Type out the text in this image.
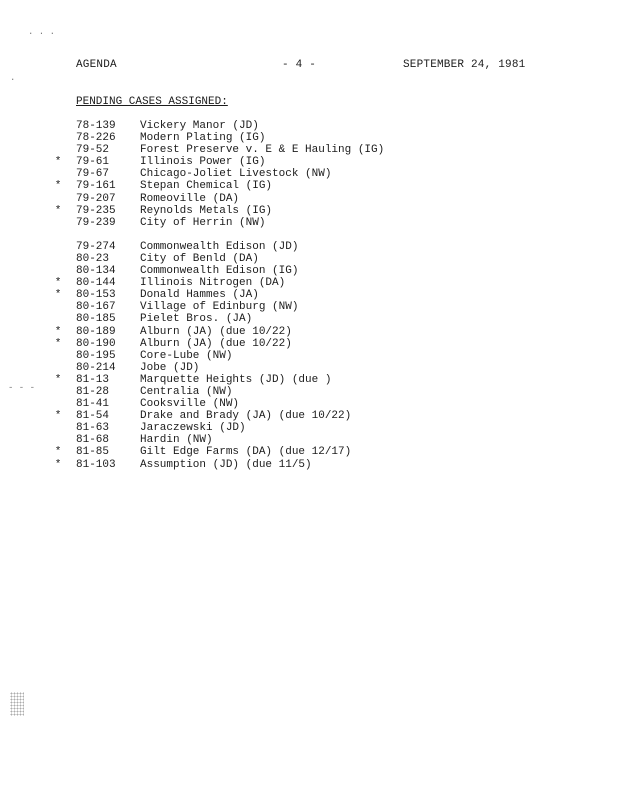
· · ·
.
- - -
AGENDA	- 4 -	SEPTEMBER 24, 1981
PENDING CASES ASSIGNED:
78-139 Vickery Manor (JD)
78-226 Modern Plating (IG)
79-52	Forest Preserve v. E & E Hauling (IG)
* 79-61	Illinois Power (IG)
79-67	Chicago-Joliet Livestock (NW)
* 79-161 Stepan Chemical (IG)
79-207 Romeoville (DA)
* 79-235 Reynolds Metals (IG)
79-239 City of Herrin (NW)
79-274 Commonwealth Edison (JD)
80-23	City of Benld (DA)
80-134 Commonwealth Edison (IG)
* 80-144 Illinois Nitrogen (DA)
* 80-153 Donald Hammes (JA)
80-167 Village of Edinburg (NW)
80-185 Pielet Bros. (JA)
* 80-189 Alburn (JA) (due 10/22)
* 80-190 Alburn (JA) (due 10/22)
80-195 Core-Lube (NW)
80-214 Jobe (JD)
* 81-13	Marquette Heights (JD) (due )
81-28	Centralia (NW)
81-41	Cooksville (NW)
* 81-54	Drake and Brady (JA) (due 10/22)
81-63	Jaraczewski (JD)
81-68	Hardin (NW)
* 81-85	Gilt Edge Farms (DA) (due 12/17)
* 81-103 Assumption (JD) (due 11/5)
